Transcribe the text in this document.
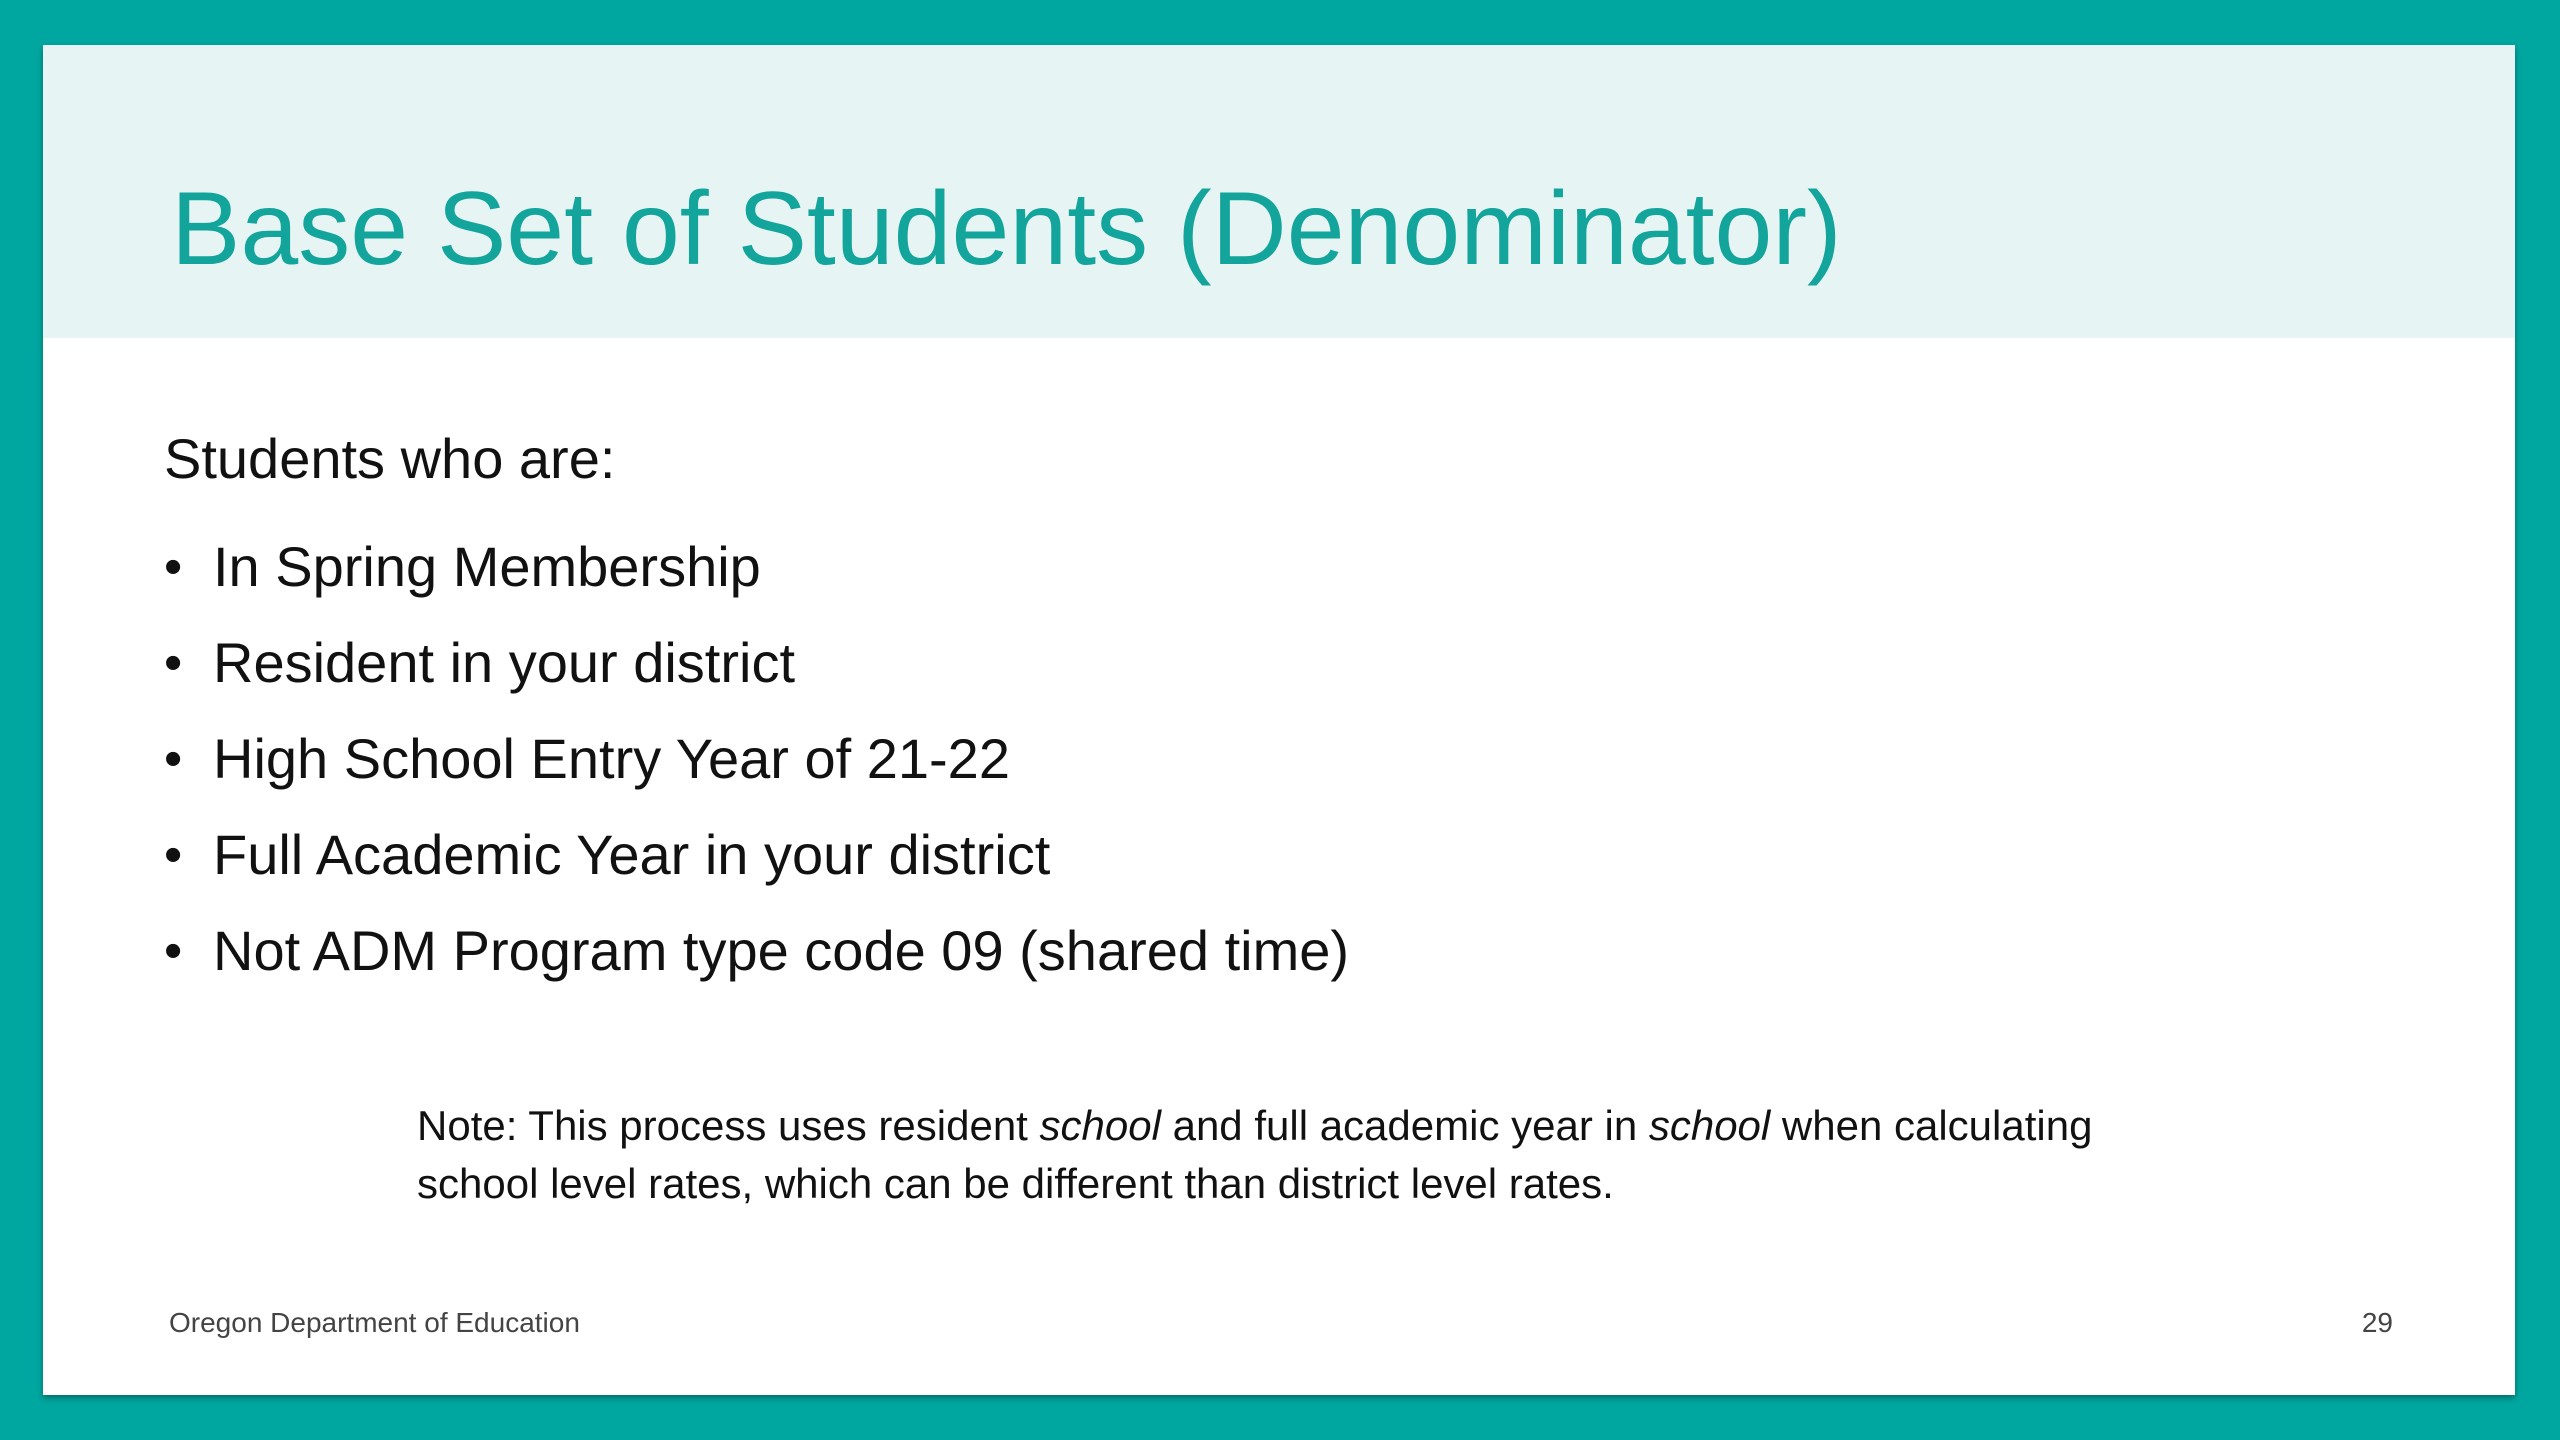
Base Set of Students (Denominator)

Students who are:

• In Spring Membership
• Resident in your district
• High School Entry Year of 21-22
• Full Academic Year in your district
• Not ADM Program type code 09 (shared time)

Note: This process uses resident school and full academic year in school when calculating school level rates, which can be different than district level rates.

Oregon Department of Education	29
